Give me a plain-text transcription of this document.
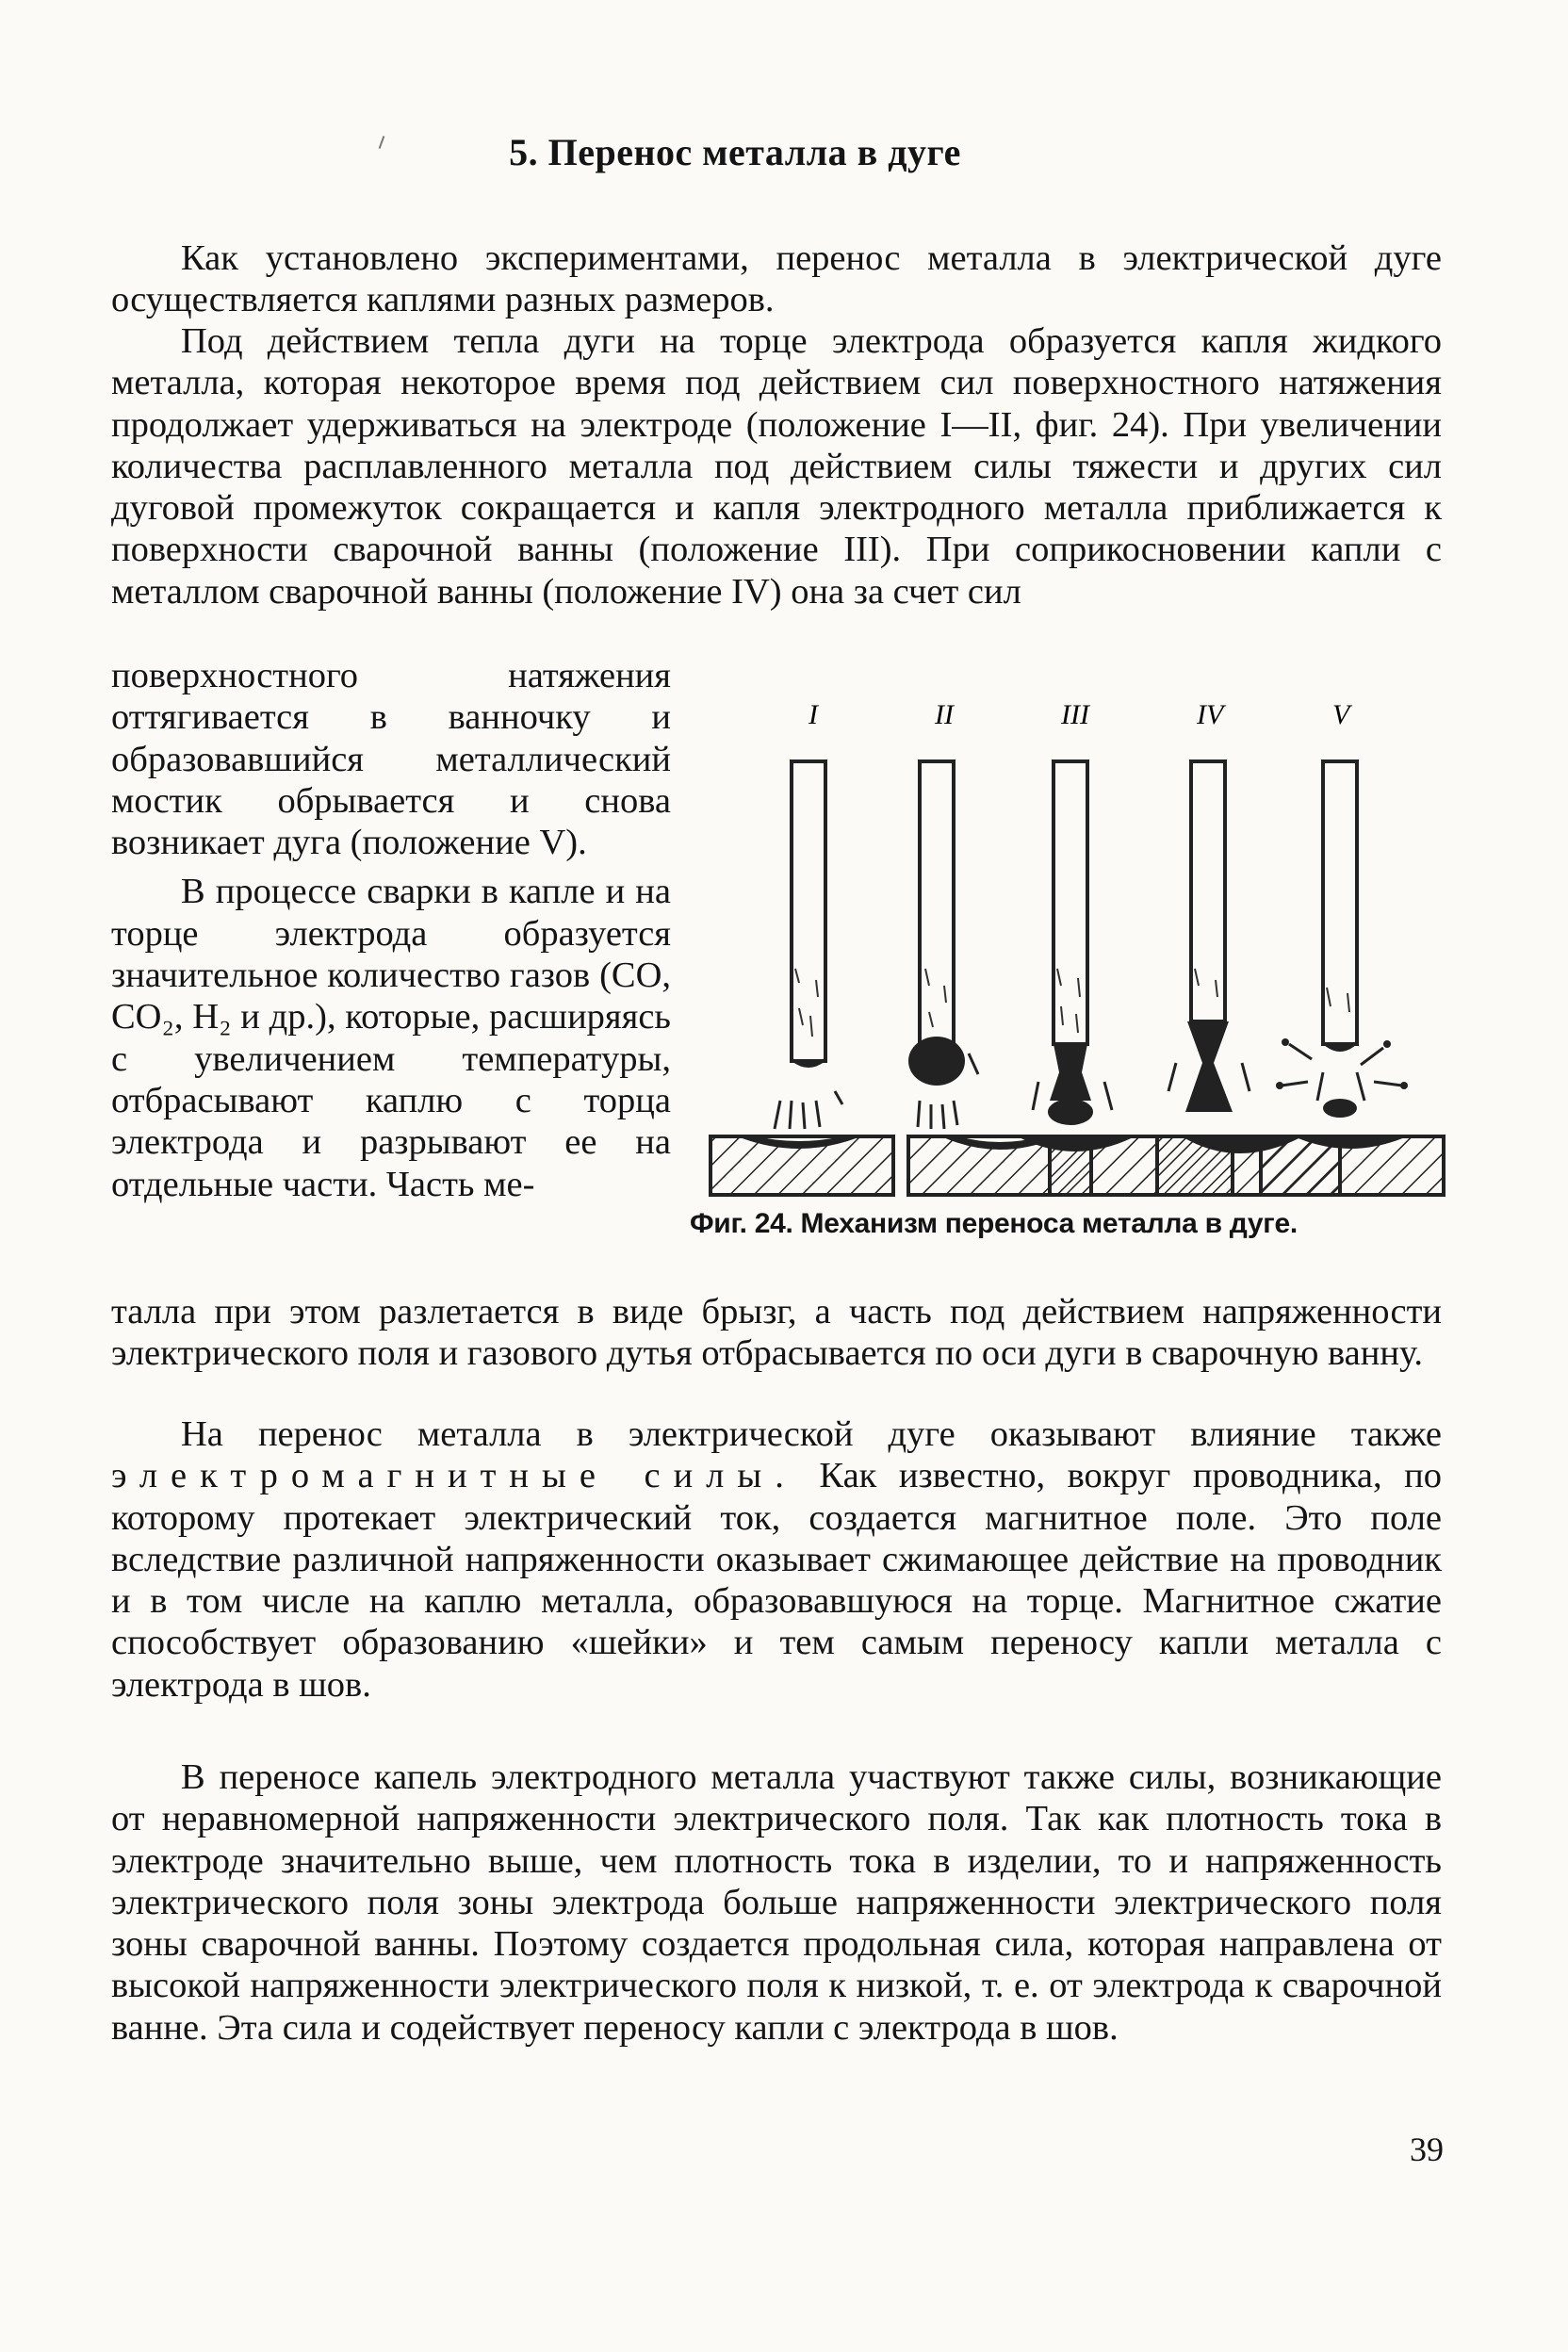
5. Перенос металла в дуге

Как установлено экспериментами, перенос металла в электрической дуге осуществляется каплями разных размеров.

Под действием тепла дуги на торце электрода образуется капля жидкого металла, которая некоторое время под действием сил поверхностного натяжения продолжает удерживаться на электроде (положение I—II, фиг. 24). При увеличении количества расплавленного металла под действием силы тяжести и других сил дуговой промежуток сокращается и капля электродного металла приближается к поверхности сварочной ванны (положение III). При соприкосновении капли с металлом сварочной ванны (положение IV) она за счет сил

поверхностного натяжения оттягивается в ванночку и образовавшийся металлический мостик обрывается и снова возникает дуга (положение V).

В процессе сварки в капле и на торце электрода образуется значительное количество газов (CO, CO₂, H₂ и др.), которые, расширяясь с увеличением температуры, отбрасывают каплю с торца электрода и разрывают ее на отдельные части. Часть ме-

I	II	III	IV	V
Фиг. 24. Механизм переноса металла в дуге.

талла при этом разлетается в виде брызг, а часть под действием напряженности электрического поля и газового дутья отбрасывается по оси дуги в сварочную ванну.

На перенос металла в электрической дуге оказывают влияние также электромагнитные силы. Как известно, вокруг проводника, по которому протекает электрический ток, создается магнитное поле. Это поле вследствие различной напряженности оказывает сжимающее действие на проводник и в том числе на каплю металла, образовавшуюся на торце. Магнитное сжатие способствует образованию «шейки» и тем самым переносу капли металла с электрода в шов.

В переносе капель электродного металла участвуют также силы, возникающие от неравномерной напряженности электрического поля. Так как плотность тока в электроде значительно выше, чем плотность тока в изделии, то и напряженность электрического поля зоны электрода больше напряженности электрического поля зоны сварочной ванны. Поэтому создается продольная сила, которая направлена от высокой напряженности электрического поля к низкой, т. е. от электрода к сварочной ванне. Эта сила и содействует переносу капли с электрода в шов.

39
